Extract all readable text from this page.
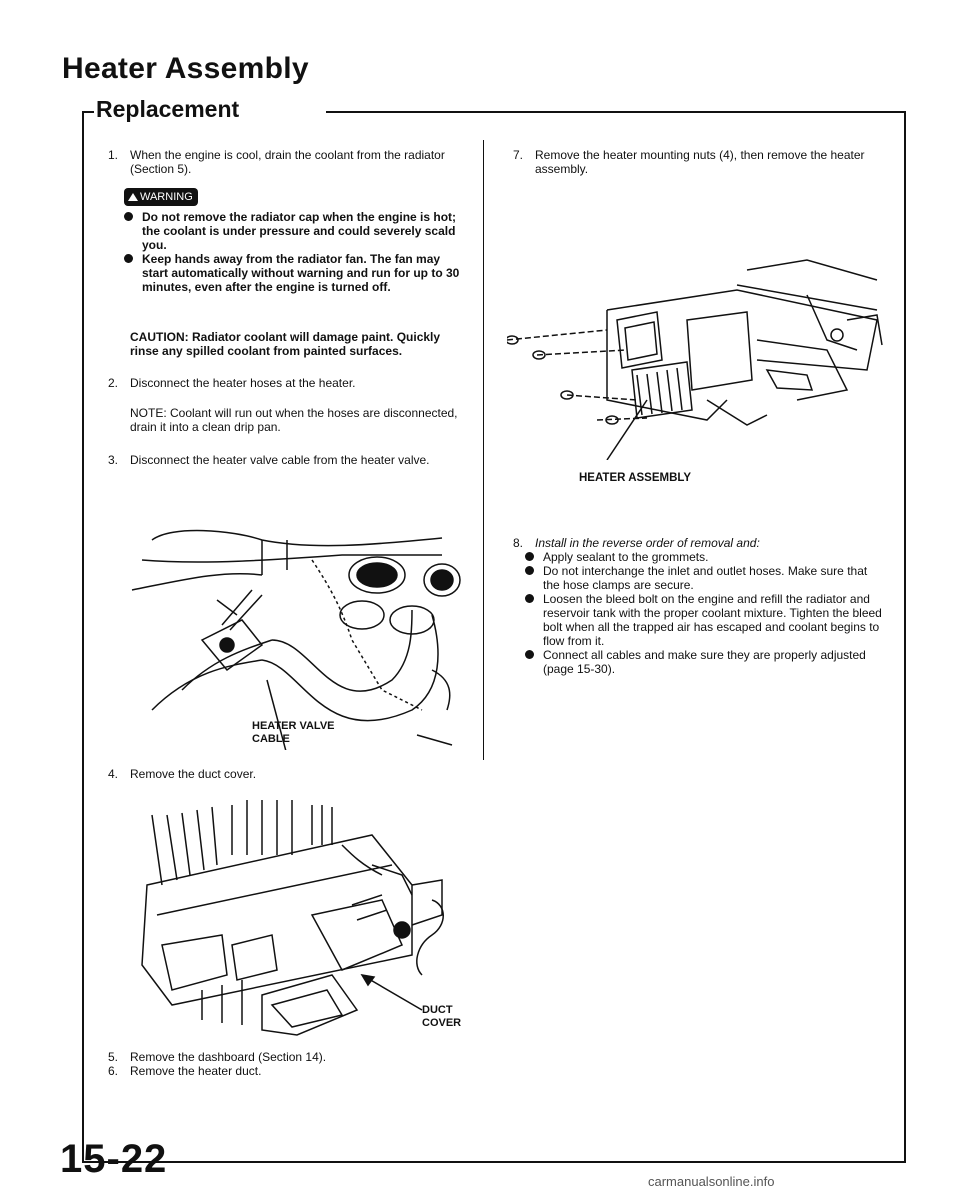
Heater Assembly
Replacement
1.	When the engine is cool, drain the coolant from the radiator (Section 5).
WARNING
Do not remove the radiator cap when the engine is hot; the coolant is under pressure and could severely scald you.
Keep hands away from the radiator fan. The fan may start automatically without warning and run for up to 30 minutes, even after the engine is turned off.
CAUTION: Radiator coolant will damage paint. Quickly rinse any spilled coolant from painted surfaces.
2.	Disconnect the heater hoses at the heater.
NOTE: Coolant will run out when the hoses are disconnected, drain it into a clean drip pan.
3.	Disconnect the heater valve cable from the heater valve.
HEATER VALVE
CABLE
4.	Remove the duct cover.
DUCT
COVER
5.	Remove the dashboard (Section 14).
6.	Remove the heater duct.
7.	Remove the heater mounting nuts (4), then remove the heater assembly.
HEATER ASSEMBLY
8.	Install in the reverse order of removal and:
Apply sealant to the grommets.
Do not interchange the inlet and outlet hoses. Make sure that the hose clamps are secure.
Loosen the bleed bolt on the engine and refill the radiator and reservoir tank with the proper coolant mixture. Tighten the bleed bolt when all the trapped air has escaped and coolant begins to flow from it.
Connect all cables and make sure they are properly adjusted (page 15-30).
15-22
carmanualsonline.info
